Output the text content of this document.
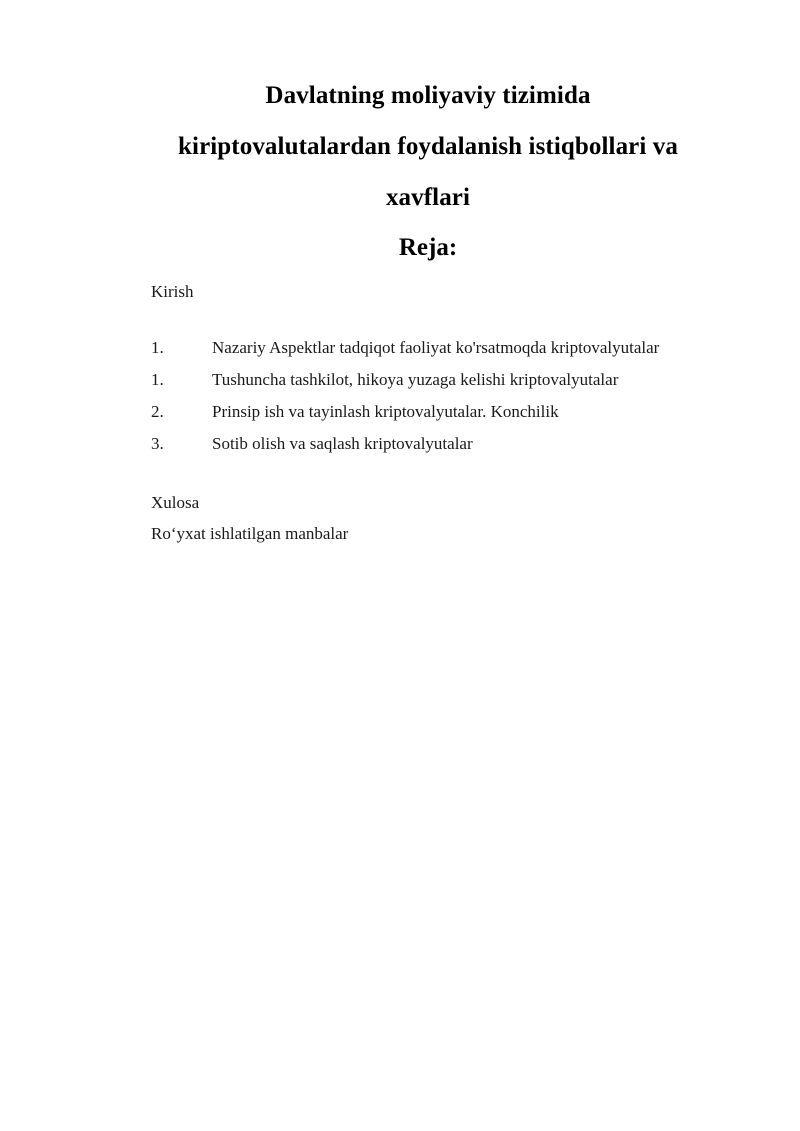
Davlatning moliyaviy tizimida
kiriptovalutalardan foydalanish istiqbollari va
xavflari
Reja:
Kirish
1.	Nazariy Aspektlar tadqiqot faoliyat ko'rsatmoqda kriptovalyutalar
1.	Tushuncha tashkilot, hikoya yuzaga kelishi kriptovalyutalar
2.	Prinsip ish va tayinlash kriptovalyutalar. Konchilik
3.	Sotib olish va saqlash kriptovalyutalar
Xulosa
Ro‘yxat ishlatilgan manbalar
